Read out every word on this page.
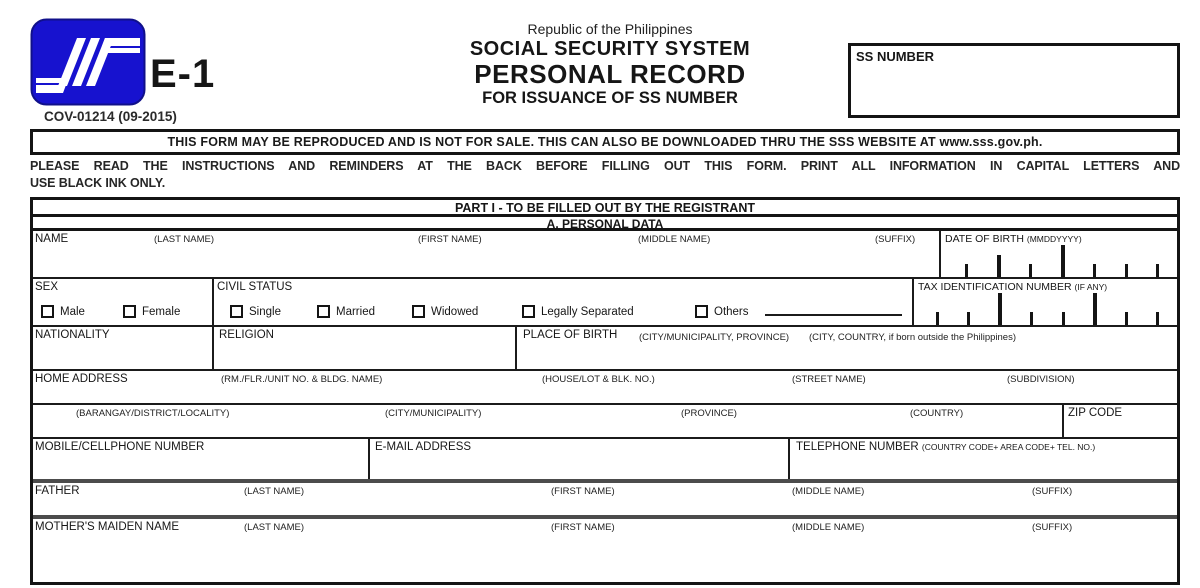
E-1
COV-01214 (09-2015)
Republic of the Philippines
SOCIAL SECURITY SYSTEM
PERSONAL RECORD
FOR ISSUANCE OF SS NUMBER
SS NUMBER
THIS FORM MAY BE REPRODUCED AND IS NOT FOR SALE. THIS CAN ALSO BE DOWNLOADED THRU THE SSS WEBSITE AT www.sss.gov.ph.

PLEASE READ THE INSTRUCTIONS AND REMINDERS AT THE BACK BEFORE FILLING OUT THIS FORM. PRINT ALL INFORMATION IN CAPITAL LETTERS AND
USE BLACK INK ONLY.

PART I - TO BE FILLED OUT BY THE REGISTRANT
A. PERSONAL DATA
NAME	(LAST NAME)	(FIRST NAME)	(MIDDLE NAME)	(SUFFIX)	DATE OF BIRTH (MMDDYYYY)
SEX
Male	Female
CIVIL STATUS
Single	Married	Widowed	Legally Separated	Others
TAX IDENTIFICATION NUMBER (IF ANY)
NATIONALITY	RELIGION	PLACE OF BIRTH (CITY/MUNICIPALITY, PROVINCE) (CITY, COUNTRY, if born outside the Philippines)
HOME ADDRESS	(RM./FLR./UNIT NO. & BLDG. NAME)	(HOUSE/LOT & BLK. NO.)	(STREET NAME)	(SUBDIVISION)
(BARANGAY/DISTRICT/LOCALITY)	(CITY/MUNICIPALITY)	(PROVINCE)	(COUNTRY)	ZIP CODE
MOBILE/CELLPHONE NUMBER	E-MAIL ADDRESS	TELEPHONE NUMBER (COUNTRY CODE+ AREA CODE+ TEL. NO.)
FATHER	(LAST NAME)	(FIRST NAME)	(MIDDLE NAME)	(SUFFIX)
MOTHER'S MAIDEN NAME	(LAST NAME)	(FIRST NAME)	(MIDDLE NAME)	(SUFFIX)
